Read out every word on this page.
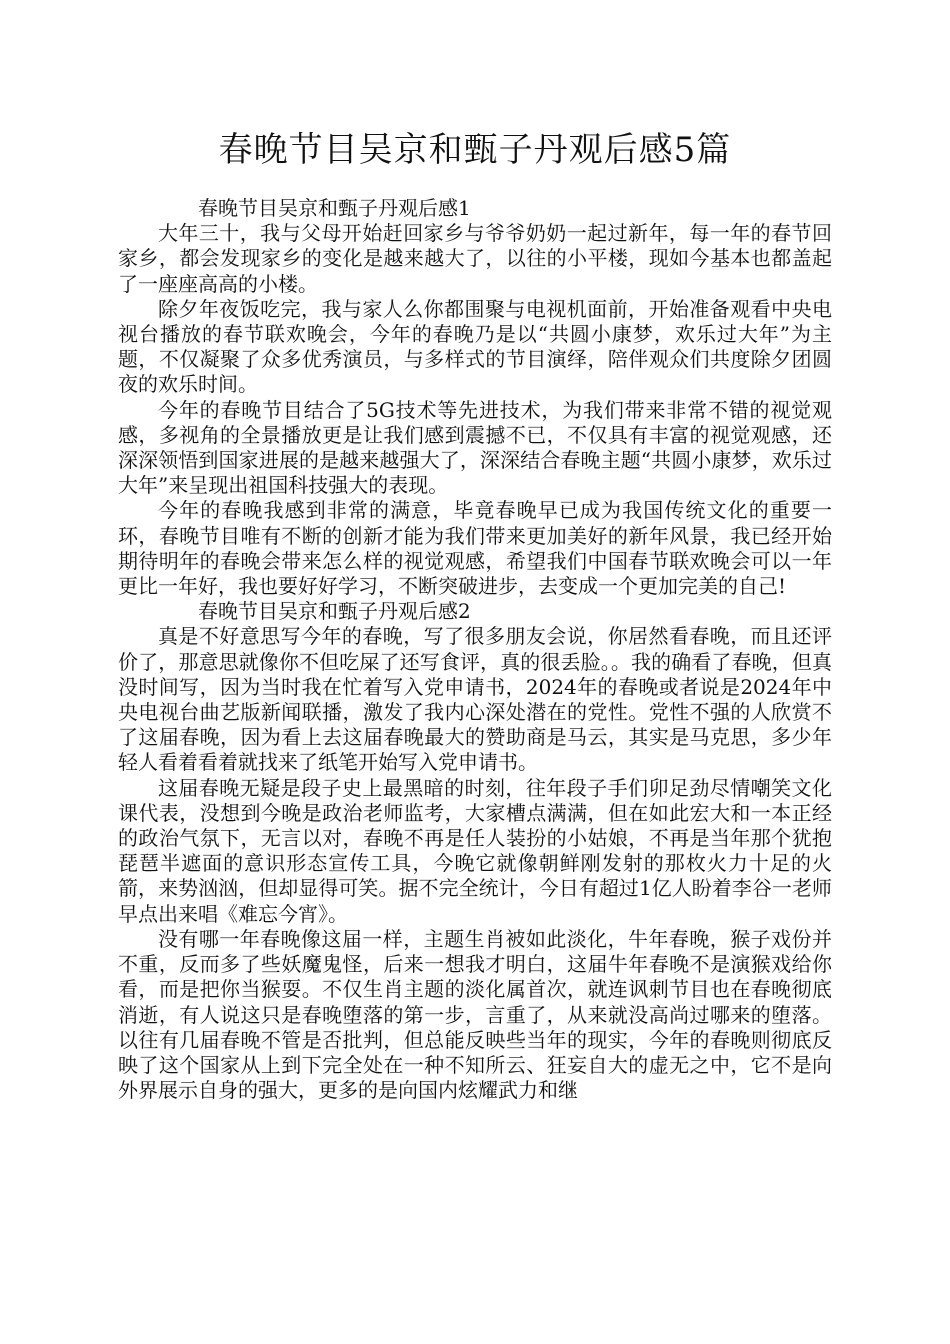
春晚节目吴京和甄子丹观后感5篇

春晚节目吴京和甄子丹观后感1

大年三十，我与父母开始赶回家乡与爷爷奶奶一起过新年，每一年的春节回家乡，都会发现家乡的变化是越来越大了，以往的小平楼，现如今基本也都盖起了一座座高高的小楼。

除夕年夜饭吃完，我与家人么你都围聚与电视机面前，开始准备观看中央电视台播放的春节联欢晚会，今年的春晚乃是以“共圆小康梦，欢乐过大年”为主题，不仅凝聚了众多优秀演员，与多样式的节目演绎，陪伴观众们共度除夕团圆夜的欢乐时间。

今年的春晚节目结合了5G技术等先进技术，为我们带来非常不错的视觉观感，多视角的全景播放更是让我们感到震撼不已，不仅具有丰富的视觉观感，还深深领悟到国家进展的是越来越强大了，深深结合春晚主题“共圆小康梦，欢乐过大年”来呈现出祖国科技强大的表现。

今年的春晚我感到非常的满意，毕竟春晚早已成为我国传统文化的重要一环，春晚节目唯有不断的创新才能为我们带来更加美好的新年风景，我已经开始期待明年的春晚会带来怎么样的视觉观感，希望我们中国春节联欢晚会可以一年更比一年好，我也要好好学习，不断突破进步，去变成一个更加完美的自己!

春晚节目吴京和甄子丹观后感2

真是不好意思写今年的春晚，写了很多朋友会说，你居然看春晚，而且还评价了，那意思就像你不但吃屎了还写食评，真的很丢脸。。我的确看了春晚，但真没时间写，因为当时我在忙着写入党申请书，2024年的春晚或者说是2024年中央电视台曲艺版新闻联播，激发了我内心深处潜在的党性。党性不强的人欣赏不了这届春晚，因为看上去这届春晚最大的赞助商是马云，其实是马克思，多少年轻人看着看着就找来了纸笔开始写入党申请书。

这届春晚无疑是段子史上最黑暗的时刻，往年段子手们卯足劲尽情嘲笑文化课代表，没想到今晚是政治老师监考，大家槽点满满，但在如此宏大和一本正经的政治气氛下，无言以对，春晚不再是任人装扮的小姑娘，不再是当年那个犹抱琵琶半遮面的意识形态宣传工具，今晚它就像朝鲜刚发射的那枚火力十足的火箭，来势汹汹，但却显得可笑。据不完全统计，今日有超过1亿人盼着李谷一老师早点出来唱《难忘今宵》。

没有哪一年春晚像这届一样，主题生肖被如此淡化，牛年春晚，猴子戏份并不重，反而多了些妖魔鬼怪，后来一想我才明白，这届牛年春晚不是演猴戏给你看，而是把你当猴耍。不仅生肖主题的淡化属首次，就连讽刺节目也在春晚彻底消逝，有人说这只是春晚堕落的第一步，言重了，从来就没高尚过哪来的堕落。以往有几届春晚不管是否批判，但总能反映些当年的现实，今年的春晚则彻底反映了这个国家从上到下完全处在一种不知所云、狂妄自大的虚无之中，它不是向外界展示自身的强大，更多的是向国内炫耀武力和继
